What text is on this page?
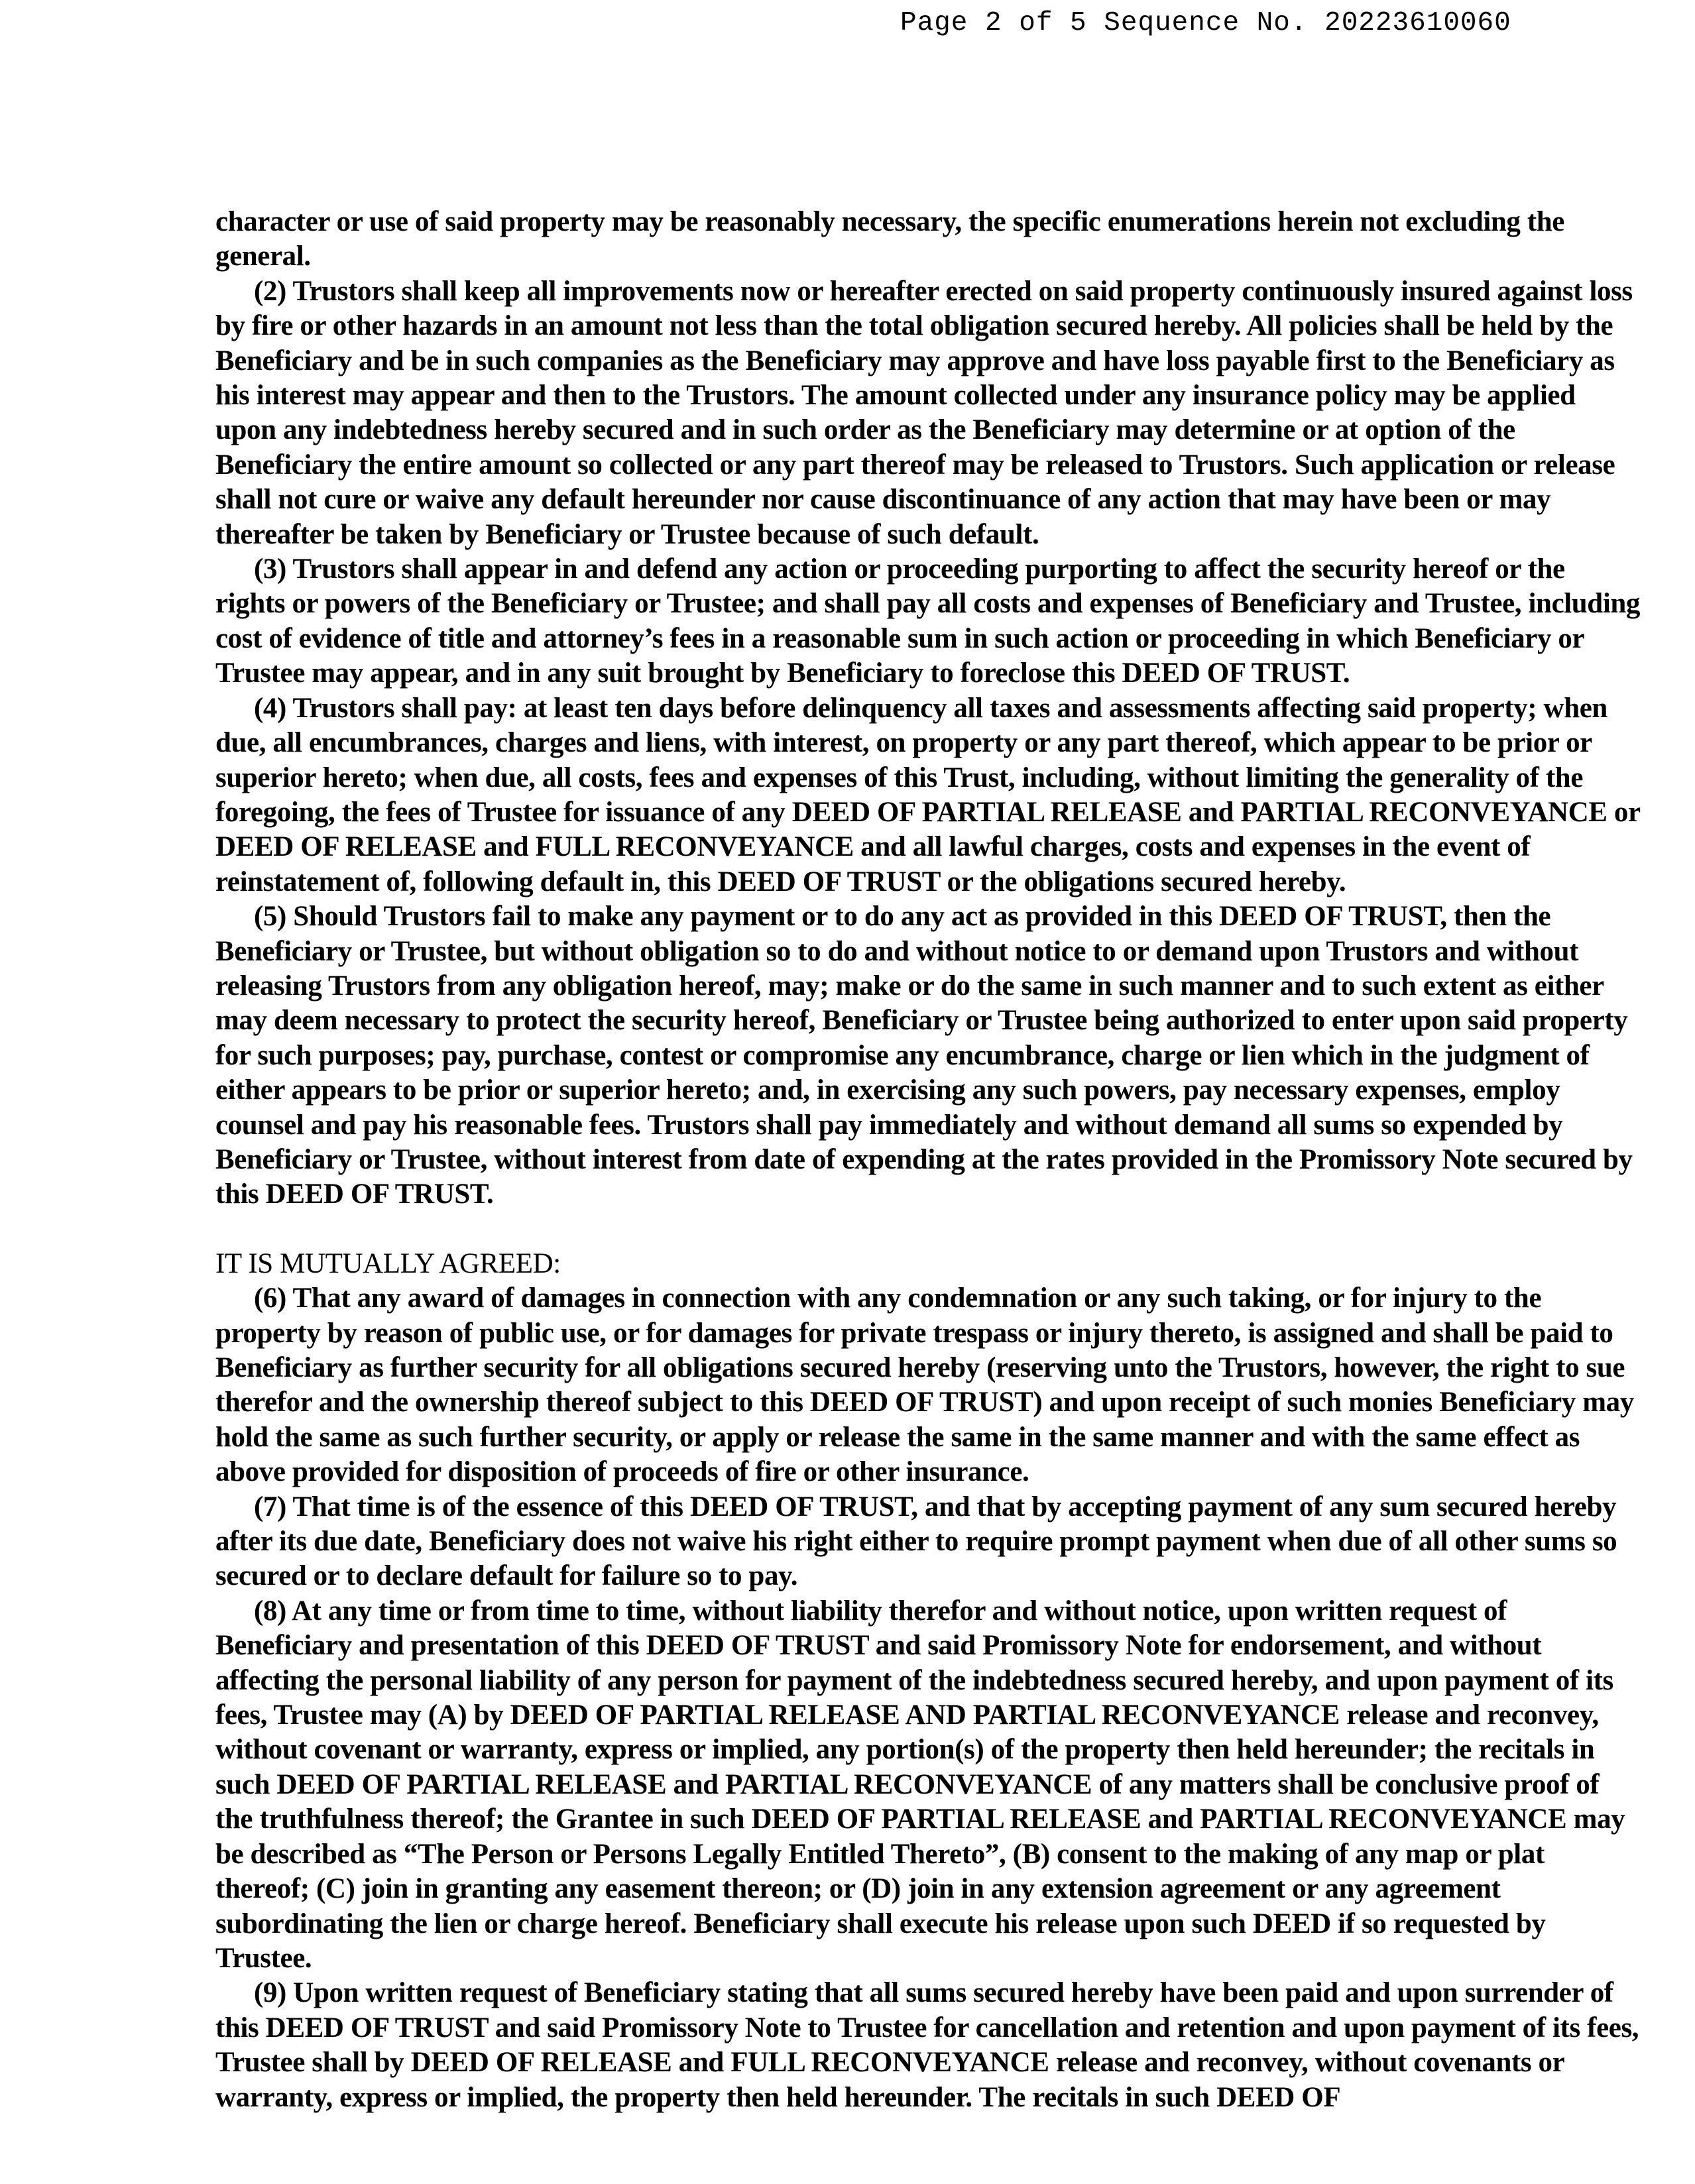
Page 2 of 5 Sequence No. 20223610060

character or use of said property may be reasonably necessary, the specific enumerations herein not excluding the general.

(2) Trustors shall keep all improvements now or hereafter erected on said property continuously insured against loss by fire or other hazards in an amount not less than the total obligation secured hereby. All policies shall be held by the Beneficiary and be in such companies as the Beneficiary may approve and have loss payable first to the Beneficiary as his interest may appear and then to the Trustors. The amount collected under any insurance policy may be applied upon any indebtedness hereby secured and in such order as the Beneficiary may determine or at option of the Beneficiary the entire amount so collected or any part thereof may be released to Trustors. Such application or release shall not cure or waive any default hereunder nor cause discontinuance of any action that may have been or may thereafter be taken by Beneficiary or Trustee because of such default.

(3) Trustors shall appear in and defend any action or proceeding purporting to affect the security hereof or the rights or powers of the Beneficiary or Trustee; and shall pay all costs and expenses of Beneficiary and Trustee, including cost of evidence of title and attorney’s fees in a reasonable sum in such action or proceeding in which Beneficiary or Trustee may appear, and in any suit brought by Beneficiary to foreclose this DEED OF TRUST.

(4) Trustors shall pay: at least ten days before delinquency all taxes and assessments affecting said property; when due, all encumbrances, charges and liens, with interest, on property or any part thereof, which appear to be prior or superior hereto; when due, all costs, fees and expenses of this Trust, including, without limiting the generality of the foregoing, the fees of Trustee for issuance of any DEED OF PARTIAL RELEASE and PARTIAL RECONVEYANCE or DEED OF RELEASE and FULL RECONVEYANCE and all lawful charges, costs and expenses in the event of reinstatement of, following default in, this DEED OF TRUST or the obligations secured hereby.

(5) Should Trustors fail to make any payment or to do any act as provided in this DEED OF TRUST, then the Beneficiary or Trustee, but without obligation so to do and without notice to or demand upon Trustors and without releasing Trustors from any obligation hereof, may; make or do the same in such manner and to such extent as either may deem necessary to protect the security hereof, Beneficiary or Trustee being authorized to enter upon said property for such purposes; pay, purchase, contest or compromise any encumbrance, charge or lien which in the judgment of either appears to be prior or superior hereto; and, in exercising any such powers, pay necessary expenses, employ counsel and pay his reasonable fees. Trustors shall pay immediately and without demand all sums so expended by Beneficiary or Trustee, without interest from date of expending at the rates provided in the Promissory Note secured by this DEED OF TRUST.

IT IS MUTUALLY AGREED:

(6) That any award of damages in connection with any condemnation or any such taking, or for injury to the property by reason of public use, or for damages for private trespass or injury thereto, is assigned and shall be paid to Beneficiary as further security for all obligations secured hereby (reserving unto the Trustors, however, the right to sue therefor and the ownership thereof subject to this DEED OF TRUST) and upon receipt of such monies Beneficiary may hold the same as such further security, or apply or release the same in the same manner and with the same effect as above provided for disposition of proceeds of fire or other insurance.

(7) That time is of the essence of this DEED OF TRUST, and that by accepting payment of any sum secured hereby after its due date, Beneficiary does not waive his right either to require prompt payment when due of all other sums so secured or to declare default for failure so to pay.

(8) At any time or from time to time, without liability therefor and without notice, upon written request of Beneficiary and presentation of this DEED OF TRUST and said Promissory Note for endorsement, and without affecting the personal liability of any person for payment of the indebtedness secured hereby, and upon payment of its fees, Trustee may (A) by DEED OF PARTIAL RELEASE AND PARTIAL RECONVEYANCE release and reconvey, without covenant or warranty, express or implied, any portion(s) of the property then held hereunder; the recitals in such DEED OF PARTIAL RELEASE and PARTIAL RECONVEYANCE of any matters shall be conclusive proof of the truthfulness thereof; the Grantee in such DEED OF PARTIAL RELEASE and PARTIAL RECONVEYANCE may be described as “The Person or Persons Legally Entitled Thereto”, (B) consent to the making of any map or plat thereof; (C) join in granting any easement thereon; or (D) join in any extension agreement or any agreement subordinating the lien or charge hereof. Beneficiary shall execute his release upon such DEED if so requested by Trustee.

(9) Upon written request of Beneficiary stating that all sums secured hereby have been paid and upon surrender of this DEED OF TRUST and said Promissory Note to Trustee for cancellation and retention and upon payment of its fees, Trustee shall by DEED OF RELEASE and FULL RECONVEYANCE release and reconvey, without covenants or warranty, express or implied, the property then held hereunder. The recitals in such DEED OF
